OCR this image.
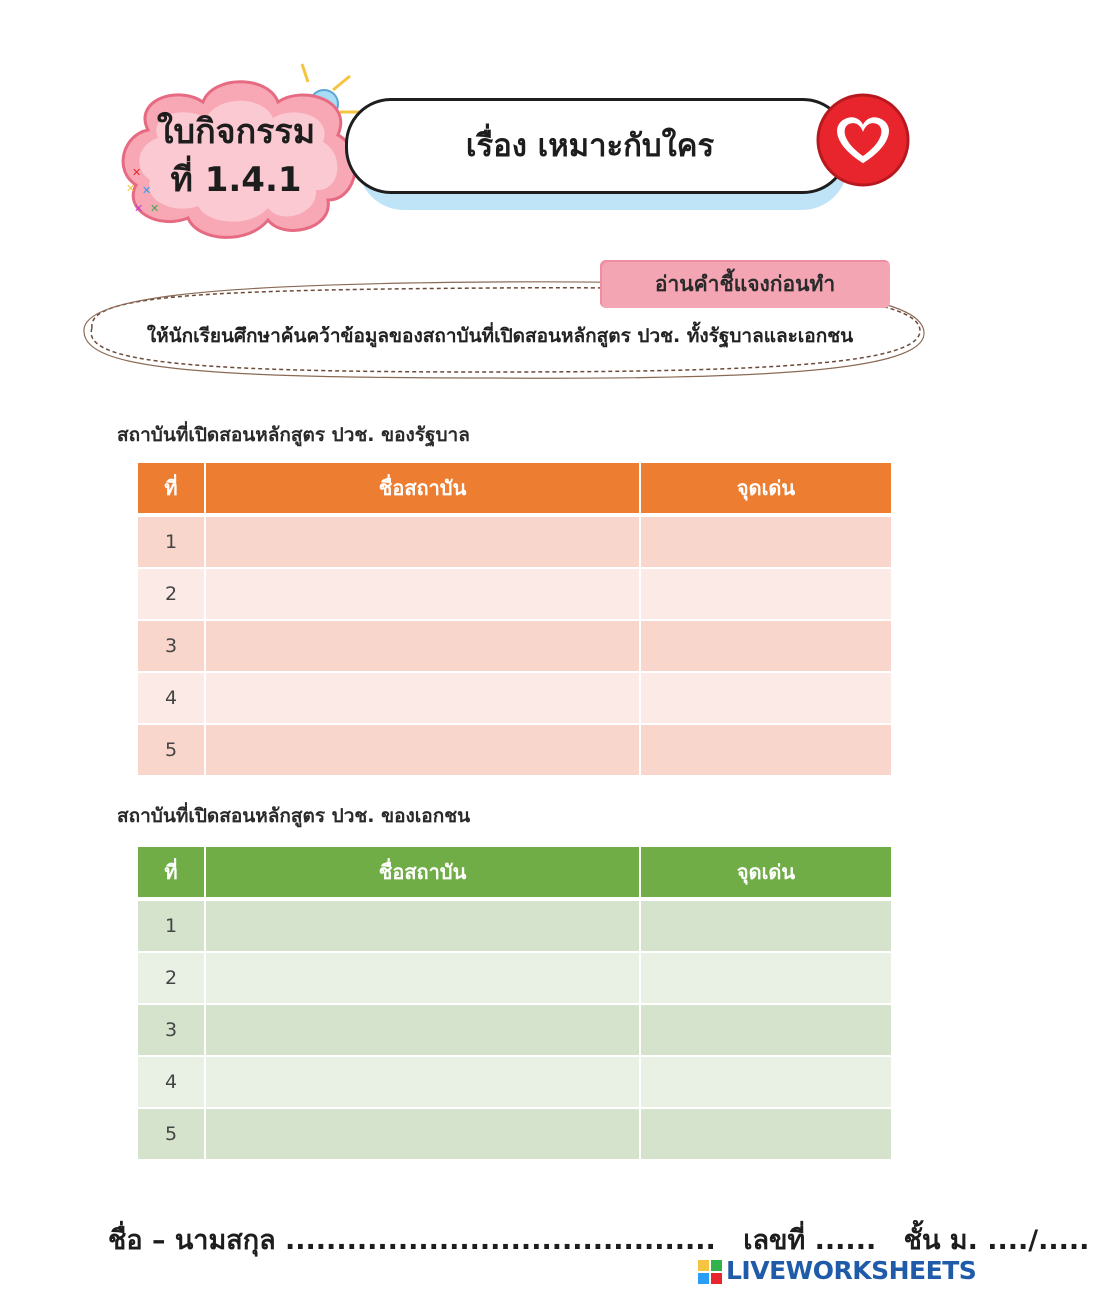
✕
✕
✕
✕ ✕
ใบกิจกรรม
ที่ 1.4.1
เรื่อง เหมาะกับใคร
อ่านคำชี้แจงก่อนทำ
ให้นักเรียนศึกษาค้นคว้าข้อมูลของสถาบันที่เปิดสอนหลักสูตร ปวช. ทั้งรัฐบาลและเอกชน
สถาบันที่เปิดสอนหลักสูตร ปวช. ของรัฐบาล
ที่	ชื่อสถาบัน	จุดเด่น
1		
2		
3		
4		
5		
สถาบันที่เปิดสอนหลักสูตร ปวช. ของเอกชน
ที่	ชื่อสถาบัน	จุดเด่น
1		
2		
3		
4		
5		
ชื่อ – นามสกุล .......................................... เลขที่ ...... ชั้น ม. ..../.....
LIVEWORKSHEETS
